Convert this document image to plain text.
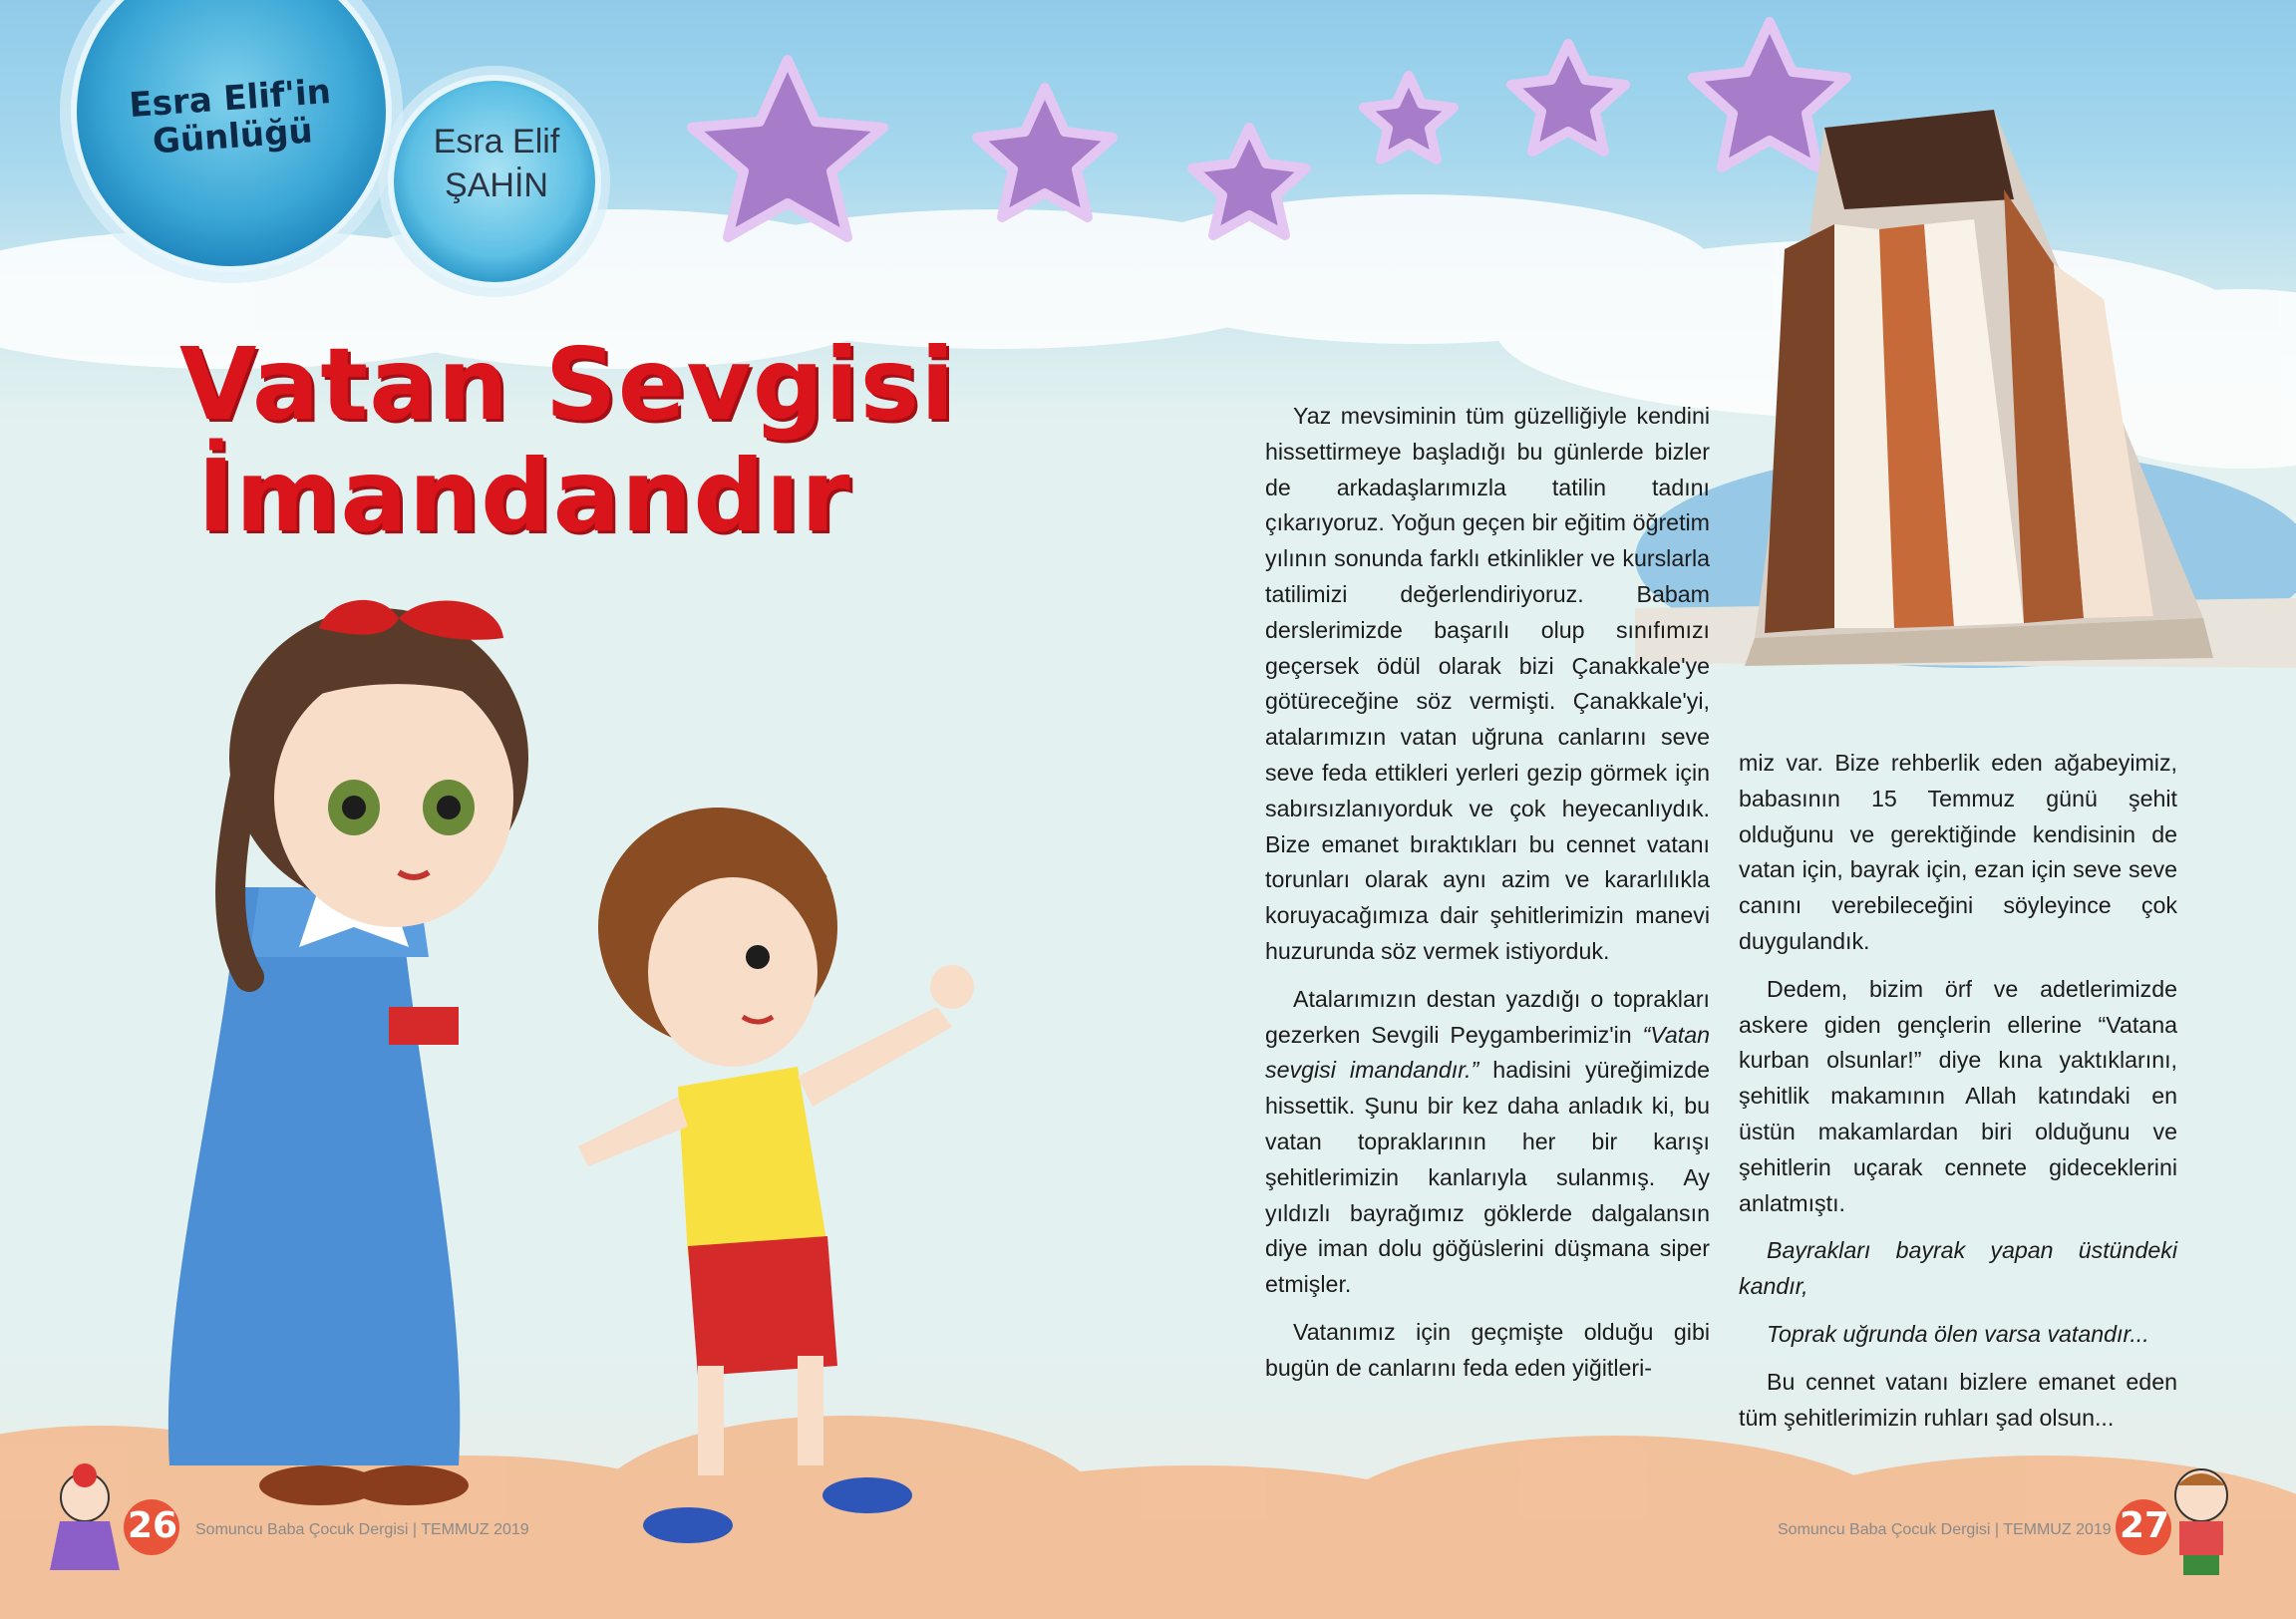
Esra Elif'in
Günlüğü	Esra Elif
ŞAHİN
Vatan Sevgisi
İmandandır

Yaz mevsiminin tüm güzelliğiyle kendini hissettirmeye başladığı bu günlerde bizler de arkadaşlarımızla tatilin tadını çıkarıyoruz. Yoğun geçen bir eğitim öğretim yılının sonunda farklı etkinlikler ve kurslarla tatilimizi değerlendiriyoruz. Babam derslerimizde başarılı olup sınıfımızı geçersek ödül olarak bizi Çanakkale'ye götüreceğine söz vermişti. Çanakkale'yi, atalarımızın vatan uğruna canlarını seve seve feda ettikleri yerleri gezip görmek için sabırsızlanıyorduk ve çok heyecanlıydık. Bize emanet bıraktıkları bu cennet vatanı torunları olarak aynı azim ve kararlılıkla koruyacağımıza dair şehitlerimizin manevi huzurunda söz vermek istiyorduk.

Atalarımızın destan yazdığı o toprakları gezerken Sevgili Peygamberimiz'in “Vatan sevgisi imandandır.” hadisini yüreğimizde hissettik. Şunu bir kez daha anladık ki, bu vatan topraklarının her bir karışı şehitlerimizin kanlarıyla sulanmış. Ay yıldızlı bayrağımız göklerde dalgalansın diye iman dolu göğüslerini düşmana siper etmişler.

Vatanımız için geçmişte olduğu gibi bugün de canlarını feda eden yiğitleri-

miz var. Bize rehberlik eden ağabeyimiz, babasının 15 Temmuz günü şehit olduğunu ve gerektiğinde kendisinin de vatan için, bayrak için, ezan için seve seve canını verebileceğini söyleyince çok duygulandık.

Dedem, bizim örf ve adetlerimizde askere giden gençlerin ellerine “Vatana kurban olsunlar!” diye kına yaktıklarını, şehitlik makamının Allah katındaki en üstün makamlardan biri olduğunu ve şehitlerin uçarak cennete gideceklerini anlatmıştı.

Bayrakları bayrak yapan üstündeki kandır,

Toprak uğrunda ölen varsa vatandır...

Bu cennet vatanı bizlere emanet eden tüm şehitlerimizin ruhları şad olsun...

26 Somuncu Baba Çocuk Dergisi | TEMMUZ 2019	Somuncu Baba Çocuk Dergisi | TEMMUZ 2019 27
